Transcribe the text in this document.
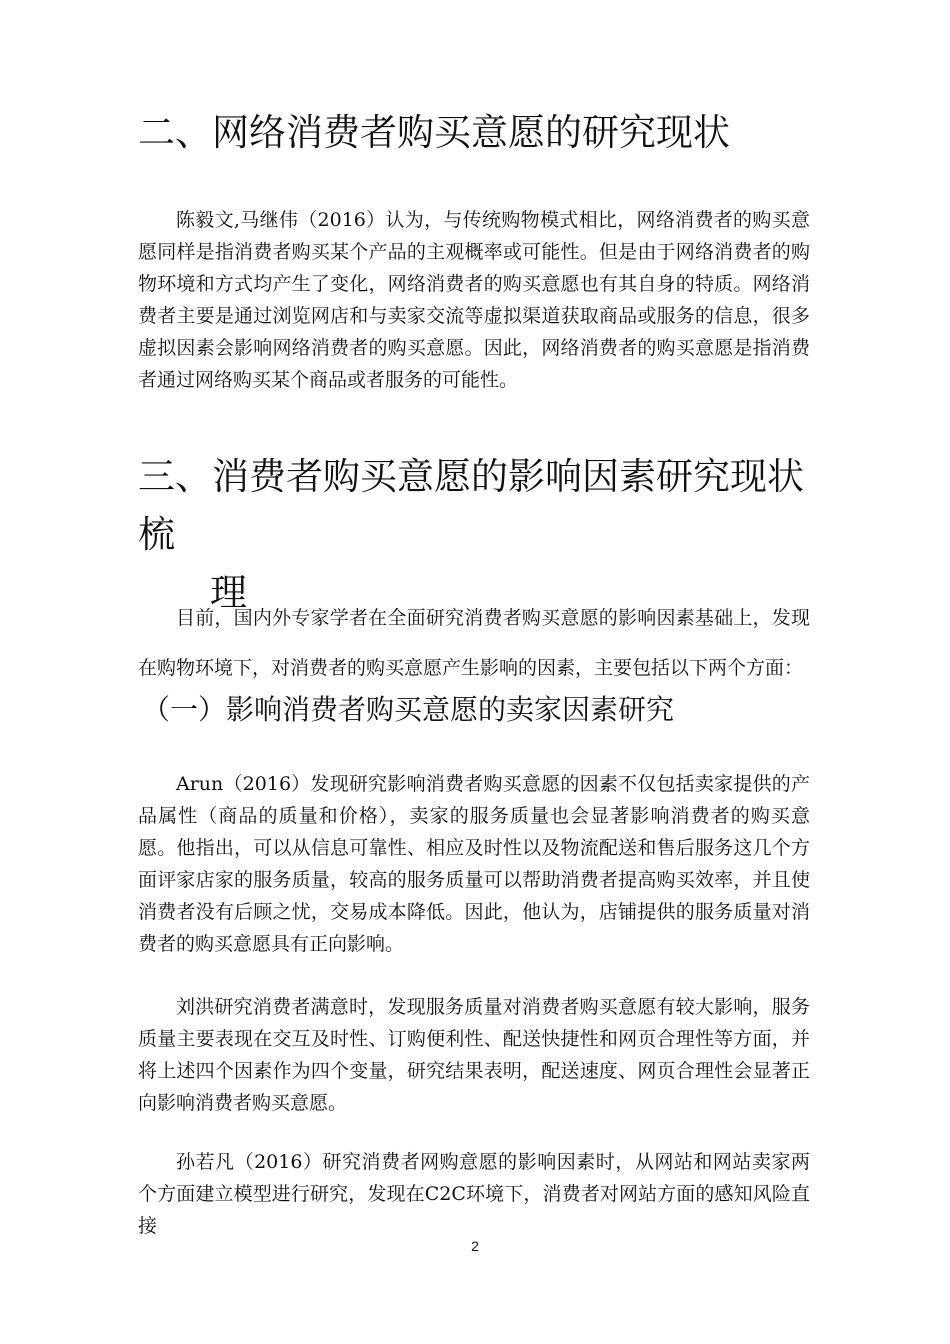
二、网络消费者购买意愿的研究现状

陈毅文,马继伟（2016）认为，与传统购物模式相比，网络消费者的购买意愿同样是指消费者购买某个产品的主观概率或可能性。但是由于网络消费者的购物环境和方式均产生了变化，网络消费者的购买意愿也有其自身的特质。网络消费者主要是通过浏览网店和与卖家交流等虚拟渠道获取商品或服务的信息，很多虚拟因素会影响网络消费者的购买意愿。因此，网络消费者的购买意愿是指消费者通过网络购买某个商品或者服务的可能性。

三、消费者购买意愿的影响因素研究现状梳
理

目前，国内外专家学者在全面研究消费者购买意愿的影响因素基础上，发现在购物环境下，对消费者的购买意愿产生影响的因素，主要包括以下两个方面：

（一）影响消费者购买意愿的卖家因素研究

Arun（2016）发现研究影响消费者购买意愿的因素不仅包括卖家提供的产品属性（商品的质量和价格），卖家的服务质量也会显著影响消费者的购买意愿。他指出，可以从信息可靠性、相应及时性以及物流配送和售后服务这几个方面评家店家的服务质量，较高的服务质量可以帮助消费者提高购买效率，并且使消费者没有后顾之忧，交易成本降低。因此，他认为，店铺提供的服务质量对消费者的购买意愿具有正向影响。

刘洪研究消费者满意时，发现服务质量对消费者购买意愿有较大影响，服务质量主要表现在交互及时性、订购便利性、配送快捷性和网页合理性等方面，并将上述四个因素作为四个变量，研究结果表明，配送速度、网页合理性会显著正向影响消费者购买意愿。

孙若凡（2016）研究消费者网购意愿的影响因素时，从网站和网站卖家两个方面建立模型进行研究，发现在C2C环境下，消费者对网站方面的感知风险直接

2
